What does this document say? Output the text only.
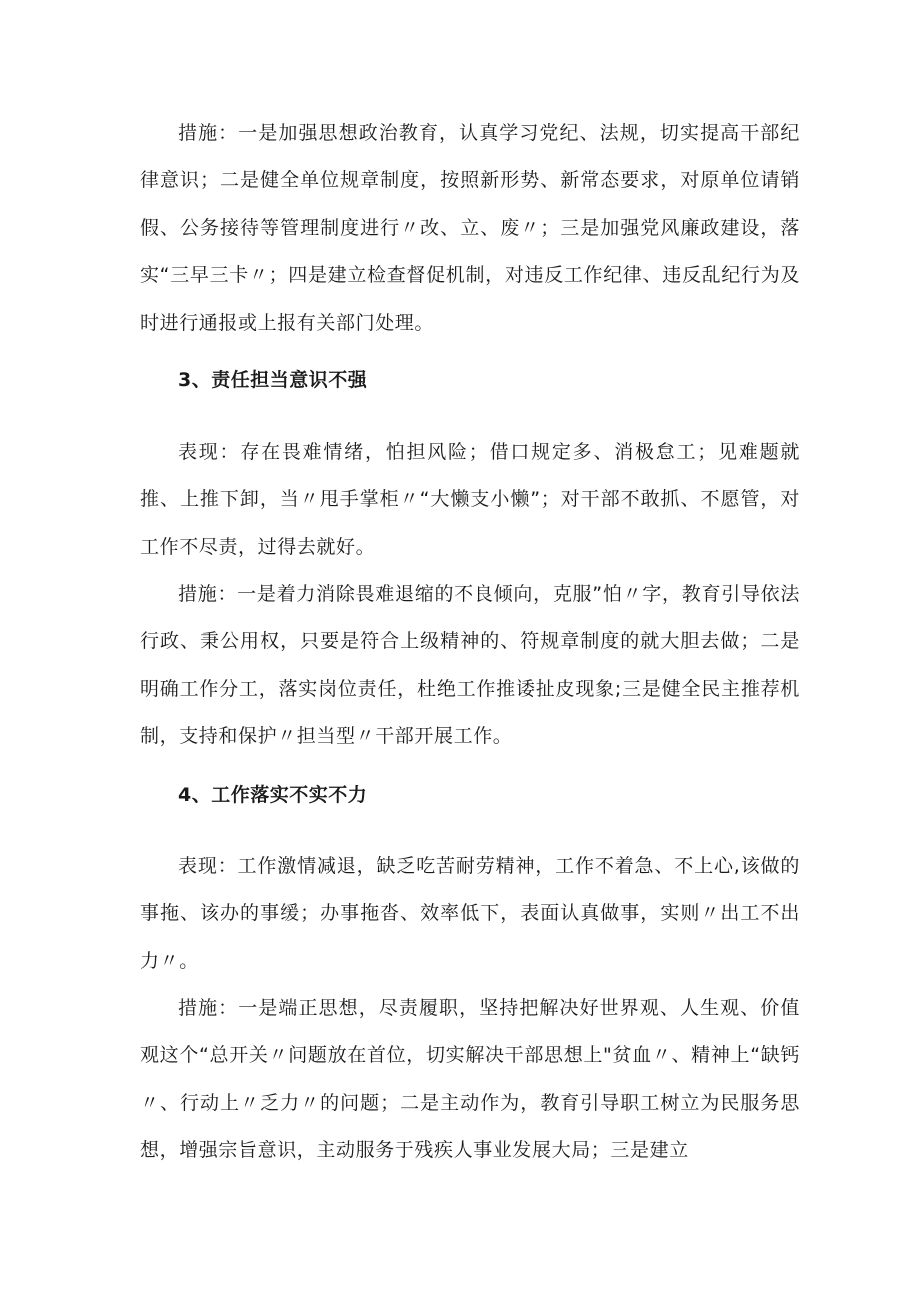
措施：一是加强思想政治教育，认真学习党纪、法规，切实提高干部纪律意识；二是健全单位规章制度，按照新形势、新常态要求，对原单位请销假、公务接待等管理制度进行〃改、立、废〃；三是加强党风廉政建设，落实“三早三卡〃；四是建立检查督促机制，对违反工作纪律、违反乱纪行为及时进行通报或上报有关部门处理。

3、责任担当意识不强

表现：存在畏难情绪，怕担风险；借口规定多、消极怠工；见难题就推、上推下卸，当〃甩手掌柜〃“大懒支小懒”；对干部不敢抓、不愿管，对工作不尽责，过得去就好。

措施：一是着力消除畏难退缩的不良倾向，克服”怕〃字，教育引导依法行政、秉公用权，只要是符合上级精神的、符规章制度的就大胆去做；二是明确工作分工，落实岗位责任，杜绝工作推诿扯皮现象;三是健全民主推荐机制，支持和保护〃担当型〃干部开展工作。

4、工作落实不实不力

表现：工作激情减退，缺乏吃苦耐劳精神，工作不着急、不上心,该做的事拖、该办的事缓；办事拖沓、效率低下，表面认真做事，实则〃出工不出力〃。

措施：一是端正思想，尽责履职，坚持把解决好世界观、人生观、价值观这个“总开关〃问题放在首位，切实解决干部思想上"贫血〃、精神上“缺钙〃、行动上〃乏力〃的问题；二是主动作为，教育引导职工树立为民服务思想，增强宗旨意识，主动服务于残疾人事业发展大局；三是建立
